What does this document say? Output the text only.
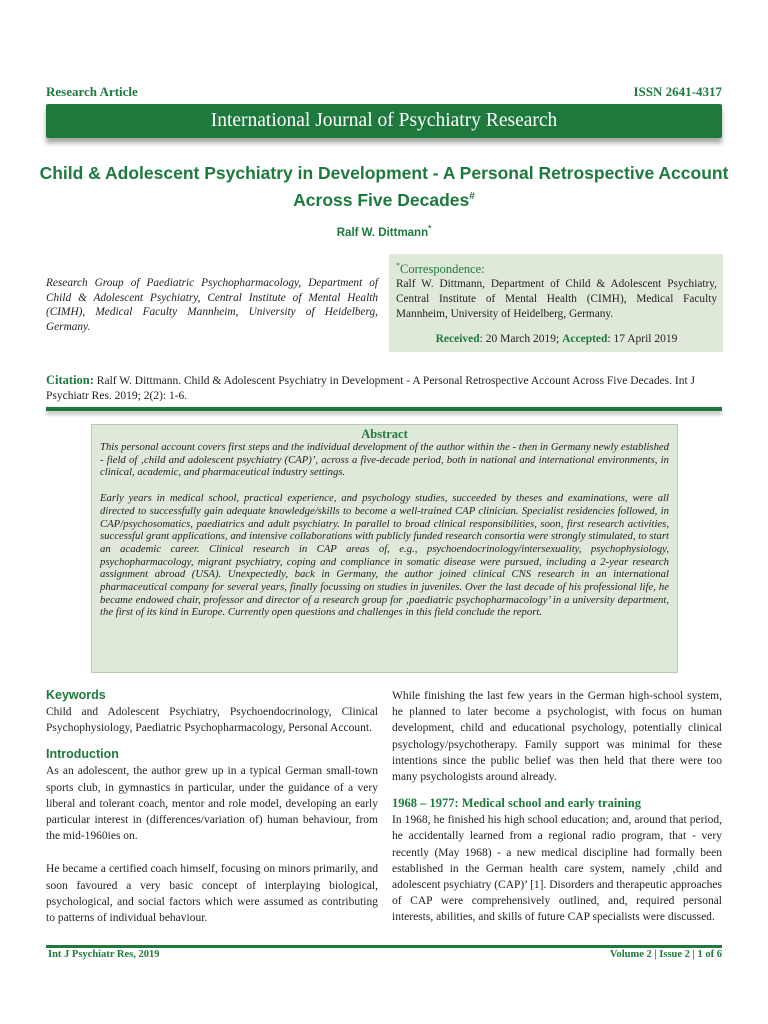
Research Article	ISSN 2641-4317
International Journal of Psychiatry Research
Child & Adolescent Psychiatry in Development - A Personal Retrospective Account Across Five Decades#
Ralf W. Dittmann*
Research Group of Paediatric Psychopharmacology, Department of Child & Adolescent Psychiatry, Central Institute of Mental Health (CIMH), Medical Faculty Mannheim, University of Heidelberg, Germany.
*Correspondence:
Ralf W. Dittmann, Department of Child & Adolescent Psychiatry, Central Institute of Mental Health (CIMH), Medical Faculty Mannheim, University of Heidelberg, Germany.
Received: 20 March 2019; Accepted: 17 April 2019
Citation: Ralf W. Dittmann. Child & Adolescent Psychiatry in Development - A Personal Retrospective Account Across Five Decades. Int J Psychiatr Res. 2019; 2(2): 1-6.
Abstract

This personal account covers first steps and the individual development of the author within the - then in Germany newly established - field of ‚child and adolescent psychiatry (CAP)’, across a five-decade period, both in national and international environments, in clinical, academic, and pharmaceutical industry settings.

Early years in medical school, practical experience, and psychology studies, succeeded by theses and examinations, were all directed to successfully gain adequate knowledge/skills to become a well-trained CAP clinician. Specialist residencies followed, in CAP/psychosomatics, paediatrics and adult psychiatry. In parallel to broad clinical responsibilities, soon, first research activities, successful grant applications, and intensive collaborations with publicly funded research consortia were strongly stimulated, to start an academic career. Clinical research in CAP areas of, e.g., psychoendocrinology/intersexuality, psychophysiology, psychopharmacology, migrant psychiatry, coping and compliance in somatic disease were pursued, including a 2-year research assignment abroad (USA). Unexpectedly, back in Germany, the author joined clinical CNS research in an international pharmaceutical company for several years, finally focussing on studies in juveniles. Over the last decade of his professional life, he became endowed chair, professor and director of a research group for ‚paediatric psychopharmacology’ in a university department, the first of its kind in Europe. Currently open questions and challenges in this field conclude the report.

Keywords
Child and Adolescent Psychiatry, Psychoendocrinology, Clinical Psychophysiology, Paediatric Psychopharmacology, Personal Account.
Introduction
As an adolescent, the author grew up in a typical German small-town sports club, in gymnastics in particular, under the guidance of a very liberal and tolerant coach, mentor and role model, developing an early particular interest in (differences/variation of) human behaviour, from the mid-1960ies on.
He became a certified coach himself, focusing on minors primarily, and soon favoured a very basic concept of interplaying biological, psychological, and social factors which were assumed as contributing to patterns of individual behaviour.
While finishing the last few years in the German high-school system, he planned to later become a psychologist, with focus on human development, child and educational psychology, potentially clinical psychology/psychotherapy. Family support was minimal for these intentions since the public belief was then held that there were too many psychologists around already.
1968 – 1977: Medical school and early training
In 1968, he finished his high school education; and, around that period, he accidentally learned from a regional radio program, that - very recently (May 1968) - a new medical discipline had formally been established in the German health care system, namely ‚child and adolescent psychiatry (CAP)’ [1]. Disorders and therapeutic approaches of CAP were comprehensively outlined, and, required personal interests, abilities, and skills of future CAP specialists were discussed.
Int J Psychiatr Res, 2019	Volume 2 | Issue 2 | 1 of 6
